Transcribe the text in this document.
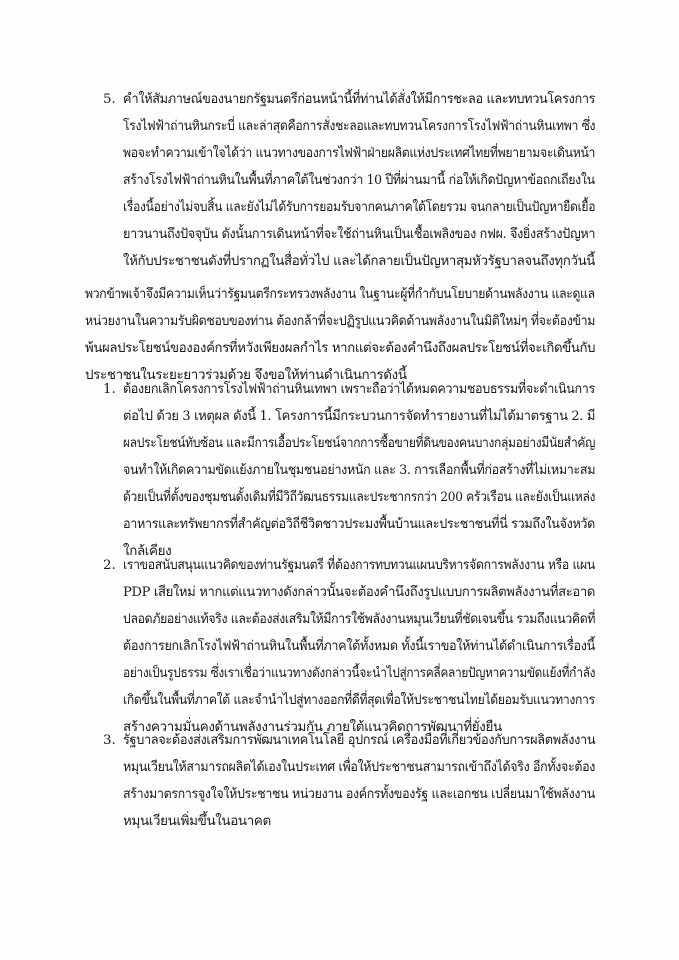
5. คำให้สัมภาษณ์ของนายกรัฐมนตรีก่อนหน้านี้ที่ท่านได้สั่งให้มีการชะลอ และทบทวนโครงการ
โรงไฟฟ้าถ่านหินกระบี่ และล่าสุดคือการสั่งชะลอและทบทวนโครงการโรงไฟฟ้าถ่านหินเทพา ซึ่ง
พอจะทำความเข้าใจได้ว่า แนวทางของการไฟฟ้าฝ่ายผลิตแห่งประเทศไทยที่พยายามจะเดินหน้า
สร้างโรงไฟฟ้าถ่านหินในพื้นที่ภาคใต้ในช่วงกว่า 10 ปีที่ผ่านมานี้ ก่อให้เกิดปัญหาข้อถกเถียงใน
เรื่องนี้อย่างไม่จบสิ้น และยังไม่ได้รับการยอมรับจากคนภาคใต้โดยรวม จนกลายเป็นปัญหายืดเยื้อ
ยาวนานถึงปัจจุบัน ดังนั้นการเดินหน้าที่จะใช้ถ่านหินเป็นเชื้อเพลิงของ กฟผ. จึงยิ่งสร้างปัญหา
ให้กับประชาชนดังที่ปรากฏในสื่อทั่วไป และได้กลายเป็นปัญหาสุมหัวรัฐบาลจนถึงทุกวันนี้
พวกข้าพเจ้าจึงมีความเห็นว่ารัฐมนตรีกระทรวงพลังงาน ในฐานะผู้ที่กำกับนโยบายด้านพลังงาน และดูแล
หน่วยงานในความรับผิดชอบของท่าน ต้องกล้าที่จะปฏิรูปแนวคิดด้านพลังงานในมิติใหม่ๆ ที่จะต้องข้าม
พ้นผลประโยชน์ขององค์กรที่หวังเพียงผลกำไร หากแต่จะต้องคำนึงถึงผลประโยชน์ที่จะเกิดขึ้นกับ
ประชาชนในระยะยาวร่วมด้วย จึงขอให้ท่านดำเนินการดังนี้
1. ต้องยกเลิกโครงการโรงไฟฟ้าถ่านหินเทพา เพราะถือว่าได้หมดความชอบธรรมที่จะดำเนินการ
ต่อไป ด้วย 3 เหตุผล ดังนี้ 1. โครงการนี้มีกระบวนการจัดทำรายงานที่ไม่ได้มาตรฐาน 2. มี
ผลประโยชน์ทับซ้อน และมีการเอื้อประโยชน์จากการซื้อขายที่ดินของคนบางกลุ่มอย่างมีนัยสำคัญ
จนทำให้เกิดความขัดแย้งภายในชุมชนอย่างหนัก และ 3. การเลือกพื้นที่ก่อสร้างที่ไม่เหมาะสม
ด้วยเป็นที่ตั้งของชุมชนดั้งเดิมที่มีวิถีวัฒนธรรมและประชากรกว่า 200 ครัวเรือน และยังเป็นแหล่ง
อาหารและทรัพยากรที่สำคัญต่อวิถีชีวิตชาวประมงพื้นบ้านและประชาชนที่นี่ รวมถึงในจังหวัด
ใกล้เคียง
2. เราขอสนับสนุนแนวคิดของท่านรัฐมนตรี ที่ต้องการทบทวนแผนบริหารจัดการพลังงาน หรือ แผน
PDP เสียใหม่ หากแต่แนวทางดังกล่าวนั้นจะต้องคำนึงถึงรูปแบบการผลิตพลังงานที่สะอาด
ปลอดภัยอย่างแท้จริง และต้องส่งเสริมให้มีการใช้พลังงานหมุนเวียนที่ชัดเจนขึ้น รวมถึงแนวคิดที่
ต้องการยกเลิกโรงไฟฟ้าถ่านหินในพื้นที่ภาคใต้ทั้งหมด ทั้งนี้เราขอให้ท่านได้ดำเนินการเรื่องนี้
อย่างเป็นรูปธรรม ซึ่งเราเชื่อว่าแนวทางดังกล่าวนี้จะนำไปสู่การคลี่คลายปัญหาความขัดแย้งที่กำลัง
เกิดขึ้นในพื้นที่ภาคใต้ และจำนำไปสู่ทางออกที่ดีที่สุดเพื่อให้ประชาชนไทยได้ยอมรับแนวทางการ
สร้างความมั่นคงด้านพลังงานร่วมกัน ภายใต้แนวคิดการพัฒนาที่ยั่งยืน
3. รัฐบาลจะต้องส่งเสริมการพัฒนาเทคโนโลยี อุปกรณ์ เครื่องมือที่เกี่ยวข้องกับการผลิตพลังงาน
หมุนเวียนให้สามารถผลิตได้เองในประเทศ เพื่อให้ประชาชนสามารถเข้าถึงได้จริง อีกทั้งจะต้อง
สร้างมาตรการจูงใจให้ประชาชน หน่วยงาน องค์กรทั้งของรัฐ และเอกชน เปลี่ยนมาใช้พลังงาน
หมุนเวียนเพิ่มขึ้นในอนาคต
